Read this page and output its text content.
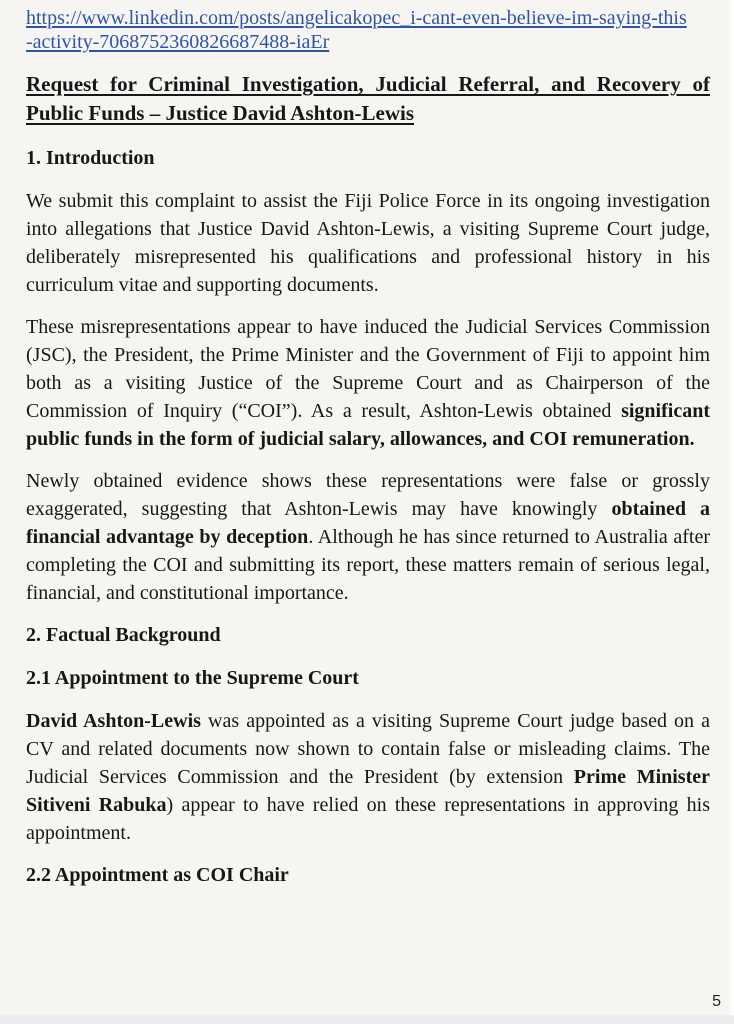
https://www.linkedin.com/posts/angelicakopec_i-cant-even-believe-im-saying-this
-activity-7068752360826687488-iaEr
Request for Criminal Investigation, Judicial Referral, and Recovery of Public Funds – Justice David Ashton-Lewis
1. Introduction

We submit this complaint to assist the Fiji Police Force in its ongoing investigation into allegations that Justice David Ashton-Lewis, a visiting Supreme Court judge, deliberately misrepresented his qualifications and professional history in his curriculum vitae and supporting documents.

These misrepresentations appear to have induced the Judicial Services Commission (JSC), the President, the Prime Minister and the Government of Fiji to appoint him both as a visiting Justice of the Supreme Court and as Chairperson of the Commission of Inquiry (“COI”). As a result, Ashton-Lewis obtained significant public funds in the form of judicial salary, allowances, and COI remuneration.

Newly obtained evidence shows these representations were false or grossly exaggerated, suggesting that Ashton-Lewis may have knowingly obtained a financial advantage by deception. Although he has since returned to Australia after completing the COI and submitting its report, these matters remain of serious legal, financial, and constitutional importance.

2. Factual Background
2.1 Appointment to the Supreme Court

David Ashton-Lewis was appointed as a visiting Supreme Court judge based on a CV and related documents now shown to contain false or misleading claims. The Judicial Services Commission and the President (by extension Prime Minister Sitiveni Rabuka) appear to have relied on these representations in approving his appointment.

2.2 Appointment as COI Chair
5
